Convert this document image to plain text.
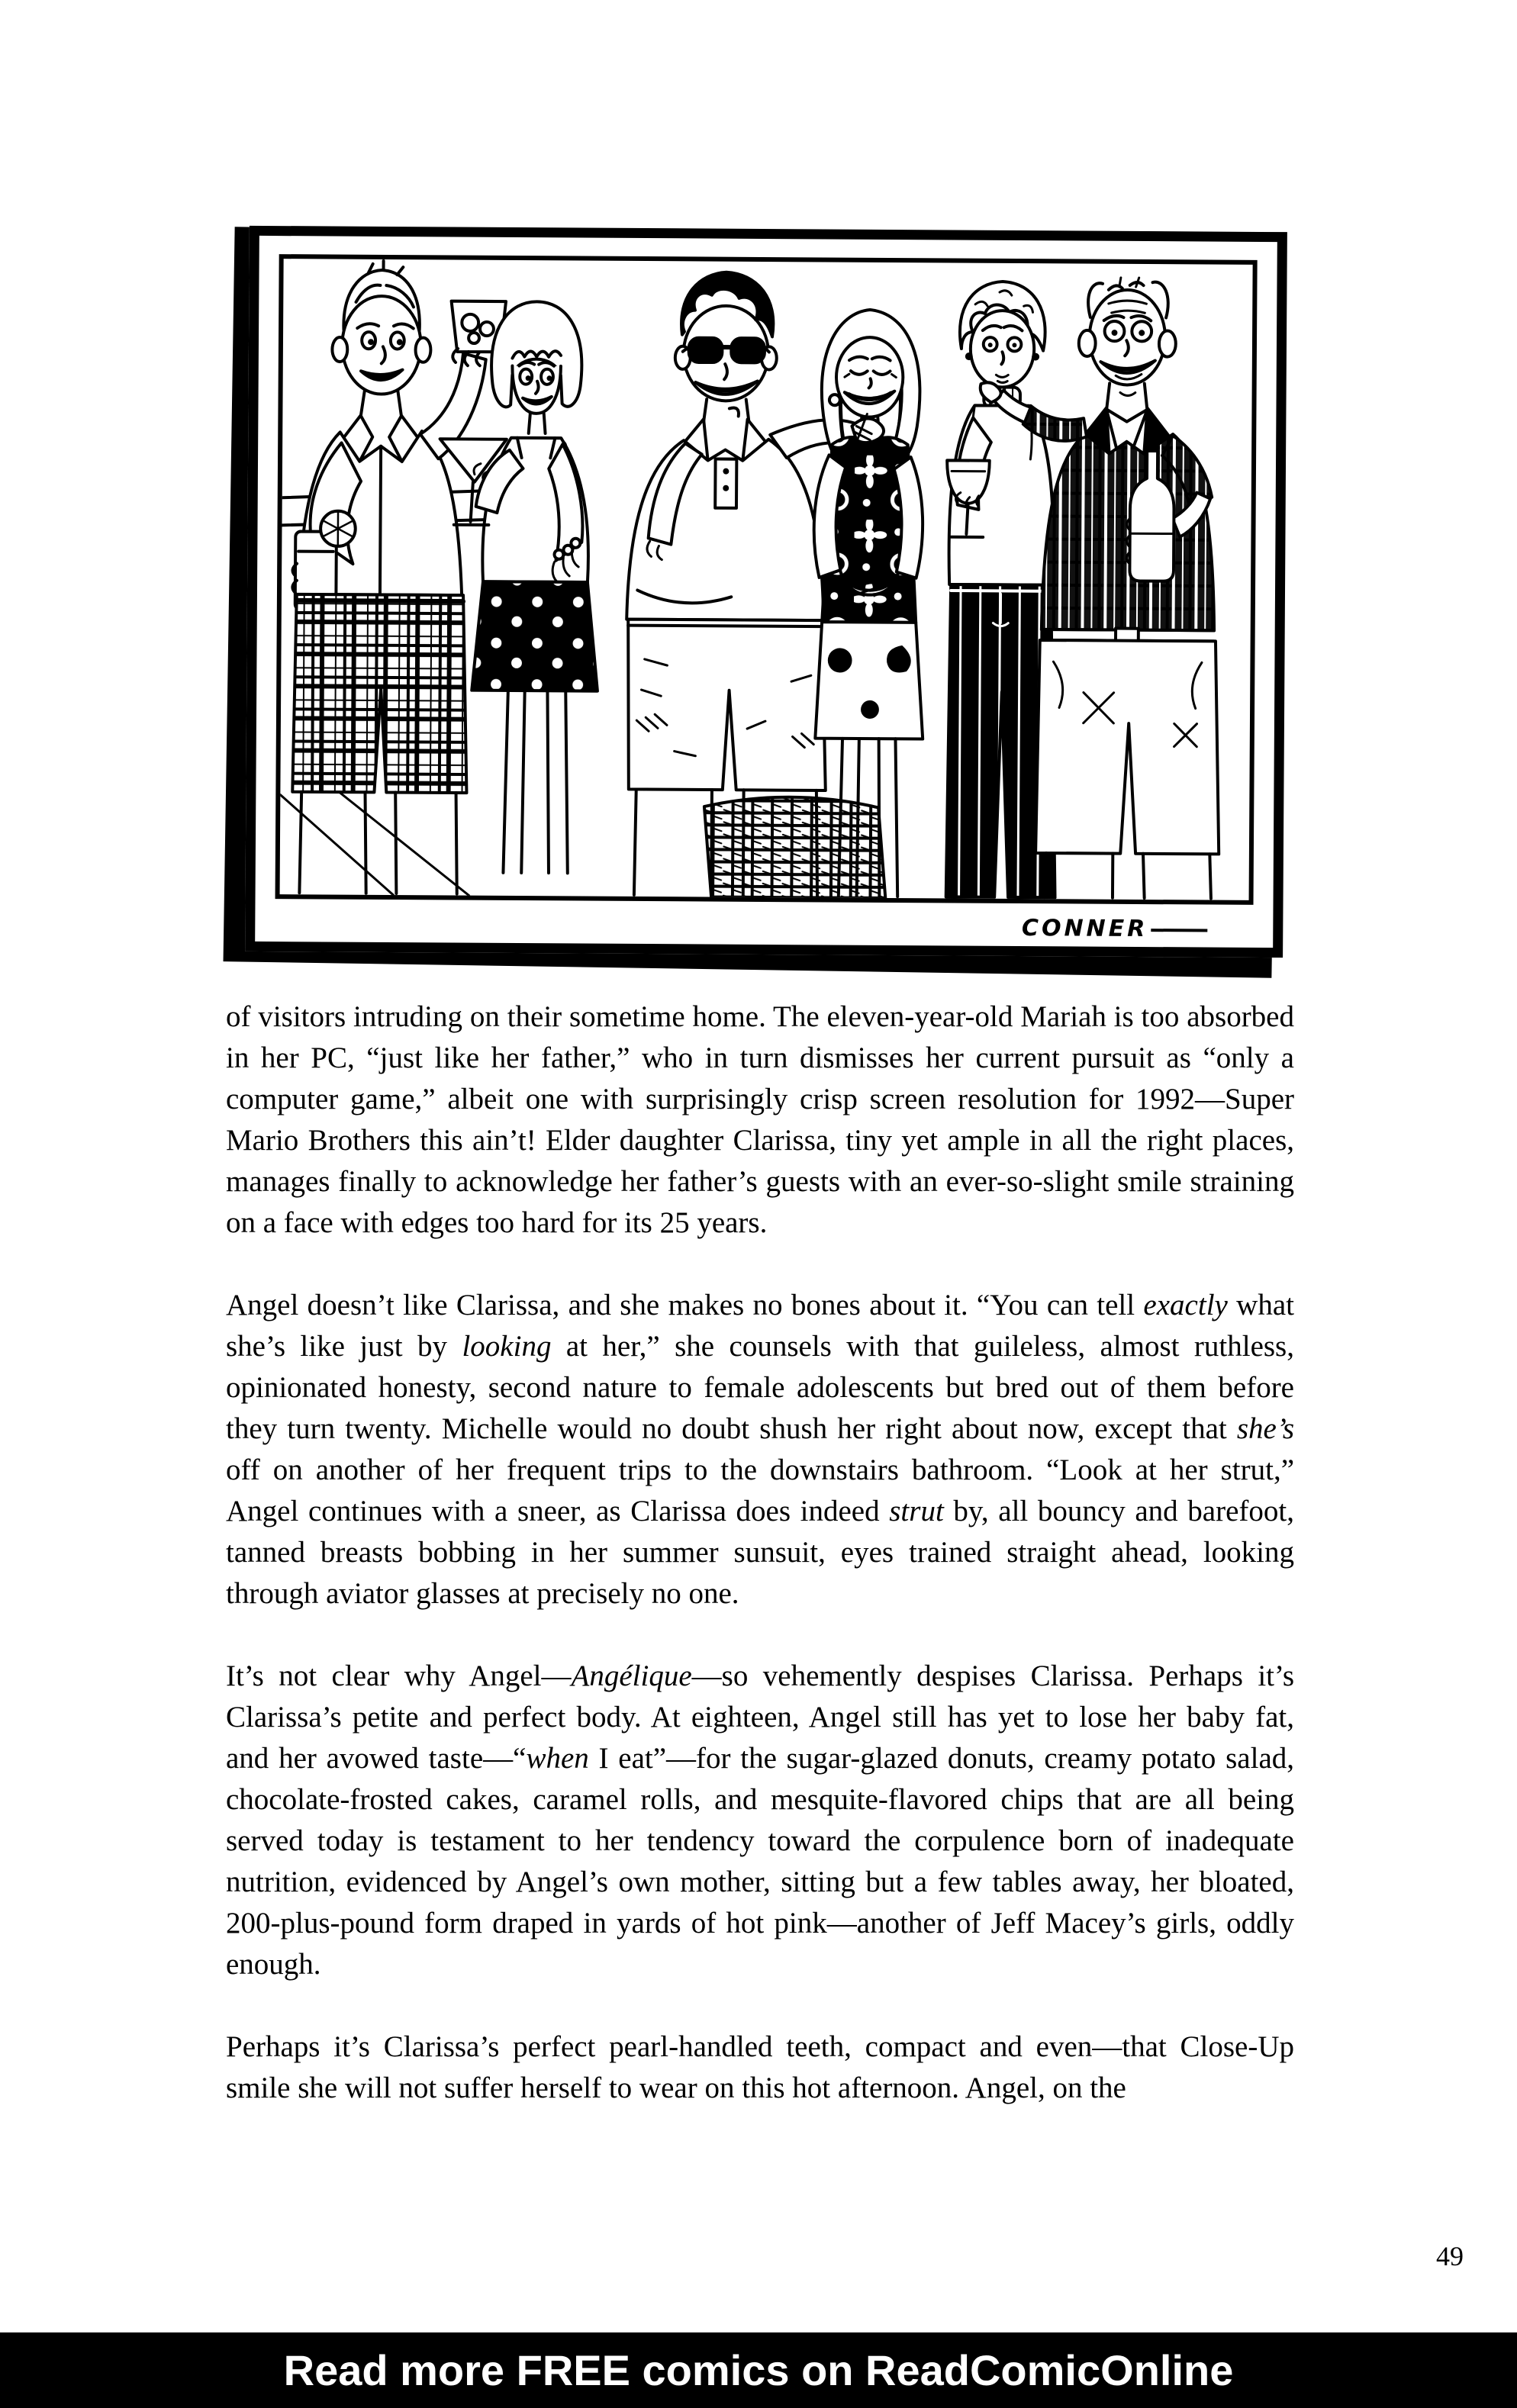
CONNER

of visitors intruding on their sometime home. The eleven-year-old Mariah is too absorbed in her PC, “just like her father,” who in turn dismisses her current pursuit as “only a computer game,” albeit one with surprisingly crisp screen resolution for 1992—Super Mario Brothers this ain’t! Elder daughter Clarissa, tiny yet ample in all the right places, manages finally to acknowledge her father’s guests with an ever-so-slight smile straining on a face with edges too hard for its 25 years.

Angel doesn’t like Clarissa, and she makes no bones about it. “You can tell exactly what she’s like just by looking at her,” she counsels with that guileless, almost ruthless, opinionated honesty, second nature to female adolescents but bred out of them before they turn twenty. Michelle would no doubt shush her right about now, except that she’s off on another of her frequent trips to the downstairs bathroom. “Look at her strut,” Angel continues with a sneer, as Clarissa does indeed strut by, all bouncy and barefoot, tanned breasts bobbing in her summer sunsuit, eyes trained straight ahead, looking through aviator glasses at precisely no one.

It’s not clear why Angel—Angélique—so vehemently despises Clarissa. Perhaps it’s Clarissa’s petite and perfect body. At eighteen, Angel still has yet to lose her baby fat, and her avowed taste—“when I eat”—for the sugar-glazed donuts, creamy potato salad, chocolate-frosted cakes, caramel rolls, and mesquite-flavored chips that are all being served today is testament to her tendency toward the corpulence born of inadequate nutrition, evidenced by Angel’s own mother, sitting but a few tables away, her bloated, 200-plus-pound form draped in yards of hot pink—another of Jeff Macey’s girls, oddly enough.

Perhaps it’s Clarissa’s perfect pearl-handled teeth, compact and even—that Close-Up smile she will not suffer herself to wear on this hot afternoon. Angel, on the

49
Read more FREE comics on ReadComicOnline
